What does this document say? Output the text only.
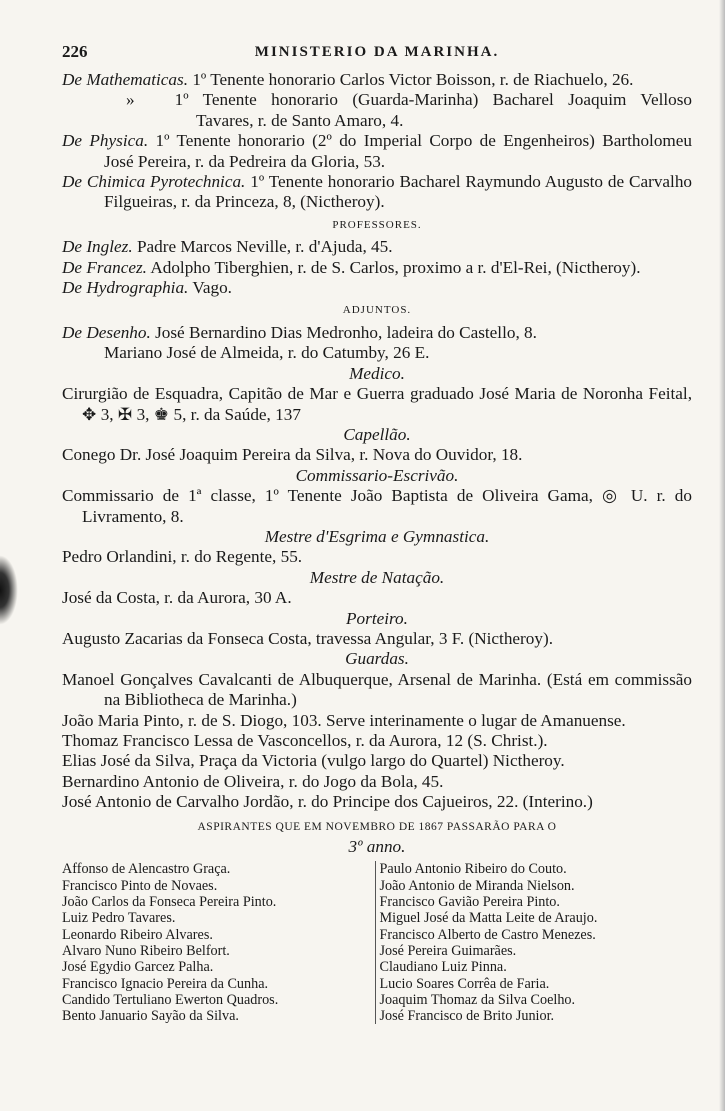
226	MINISTERIO DA MARINHA.

De Mathematicas. 1º Tenente honorario Carlos Victor Boisson, r. de Riachuelo, 26.

» 1º Tenente honorario (Guarda-Marinha) Bacharel Joaquim Velloso Tavares, r. de Santo Amaro, 4.

De Physica. 1º Tenente honorario (2º do Imperial Corpo de Engenheiros) Bartholomeu José Pereira, r. da Pedreira da Gloria, 53.

De Chimica Pyrotechnica. 1º Tenente honorario Bacharel Raymundo Augusto de Carvalho Filgueiras, r. da Princeza, 8, (Nictheroy).

PROFESSORES.

De Inglez. Padre Marcos Neville, r. d'Ajuda, 45.

De Francez. Adolpho Tiberghien, r. de S. Carlos, proximo a r. d'El-Rei, (Nictheroy).

De Hydrographia. Vago.

ADJUNTOS.

De Desenho. José Bernardino Dias Medronho, ladeira do Castello, 8.

Mariano José de Almeida, r. do Catumby, 26 E.

Medico.

Cirurgião de Esquadra, Capitão de Mar e Guerra graduado José Maria de Noronha Feital, ✥ 3, ✠ 3, ♚ 5, r. da Saúde, 137

Capellão.

Conego Dr. José Joaquim Pereira da Silva, r. Nova do Ouvidor, 18.

Commissario-Escrivão.

Commissario de 1ª classe, 1º Tenente João Baptista de Oliveira Gama, ◎ U. r. do Livramento, 8.

Mestre d'Esgrima e Gymnastica.

Pedro Orlandini, r. do Regente, 55.

Mestre de Natação.

José da Costa, r. da Aurora, 30 A.

Porteiro.

Augusto Zacarias da Fonseca Costa, travessa Angular, 3 F. (Nictheroy).

Guardas.

Manoel Gonçalves Cavalcanti de Albuquerque, Arsenal de Marinha. (Está em commissão na Bibliotheca de Marinha.)

João Maria Pinto, r. de S. Diogo, 103. Serve interinamente o lugar de Amanuense.

Thomaz Francisco Lessa de Vasconcellos, r. da Aurora, 12 (S. Christ.).

Elias José da Silva, Praça da Victoria (vulgo largo do Quartel) Nictheroy.

Bernardino Antonio de Oliveira, r. do Jogo da Bola, 45.

José Antonio de Carvalho Jordão, r. do Principe dos Cajueiros, 22. (Interino.)

ASPIRANTES QUE EM NOVEMBRO DE 1867 PASSARÃO PARA O
3º anno.
Affonso de Alencastro Graça.
Francisco Pinto de Novaes.
João Carlos da Fonseca Pereira Pinto.
Luiz Pedro Tavares.
Leonardo Ribeiro Alvares.
Alvaro Nuno Ribeiro Belfort.
José Egydio Garcez Palha.
Francisco Ignacio Pereira da Cunha.
Candido Tertuliano Ewerton Quadros.
Bento Januario Sayão da Silva.
Paulo Antonio Ribeiro do Couto.
João Antonio de Miranda Nielson.
Francisco Gavião Pereira Pinto.
Miguel José da Matta Leite de Araujo.
Francisco Alberto de Castro Menezes.
José Pereira Guimarães.
Claudiano Luiz Pinna.
Lucio Soares Corrêa de Faria.
Joaquim Thomaz da Silva Coelho.
José Francisco de Brito Junior.
